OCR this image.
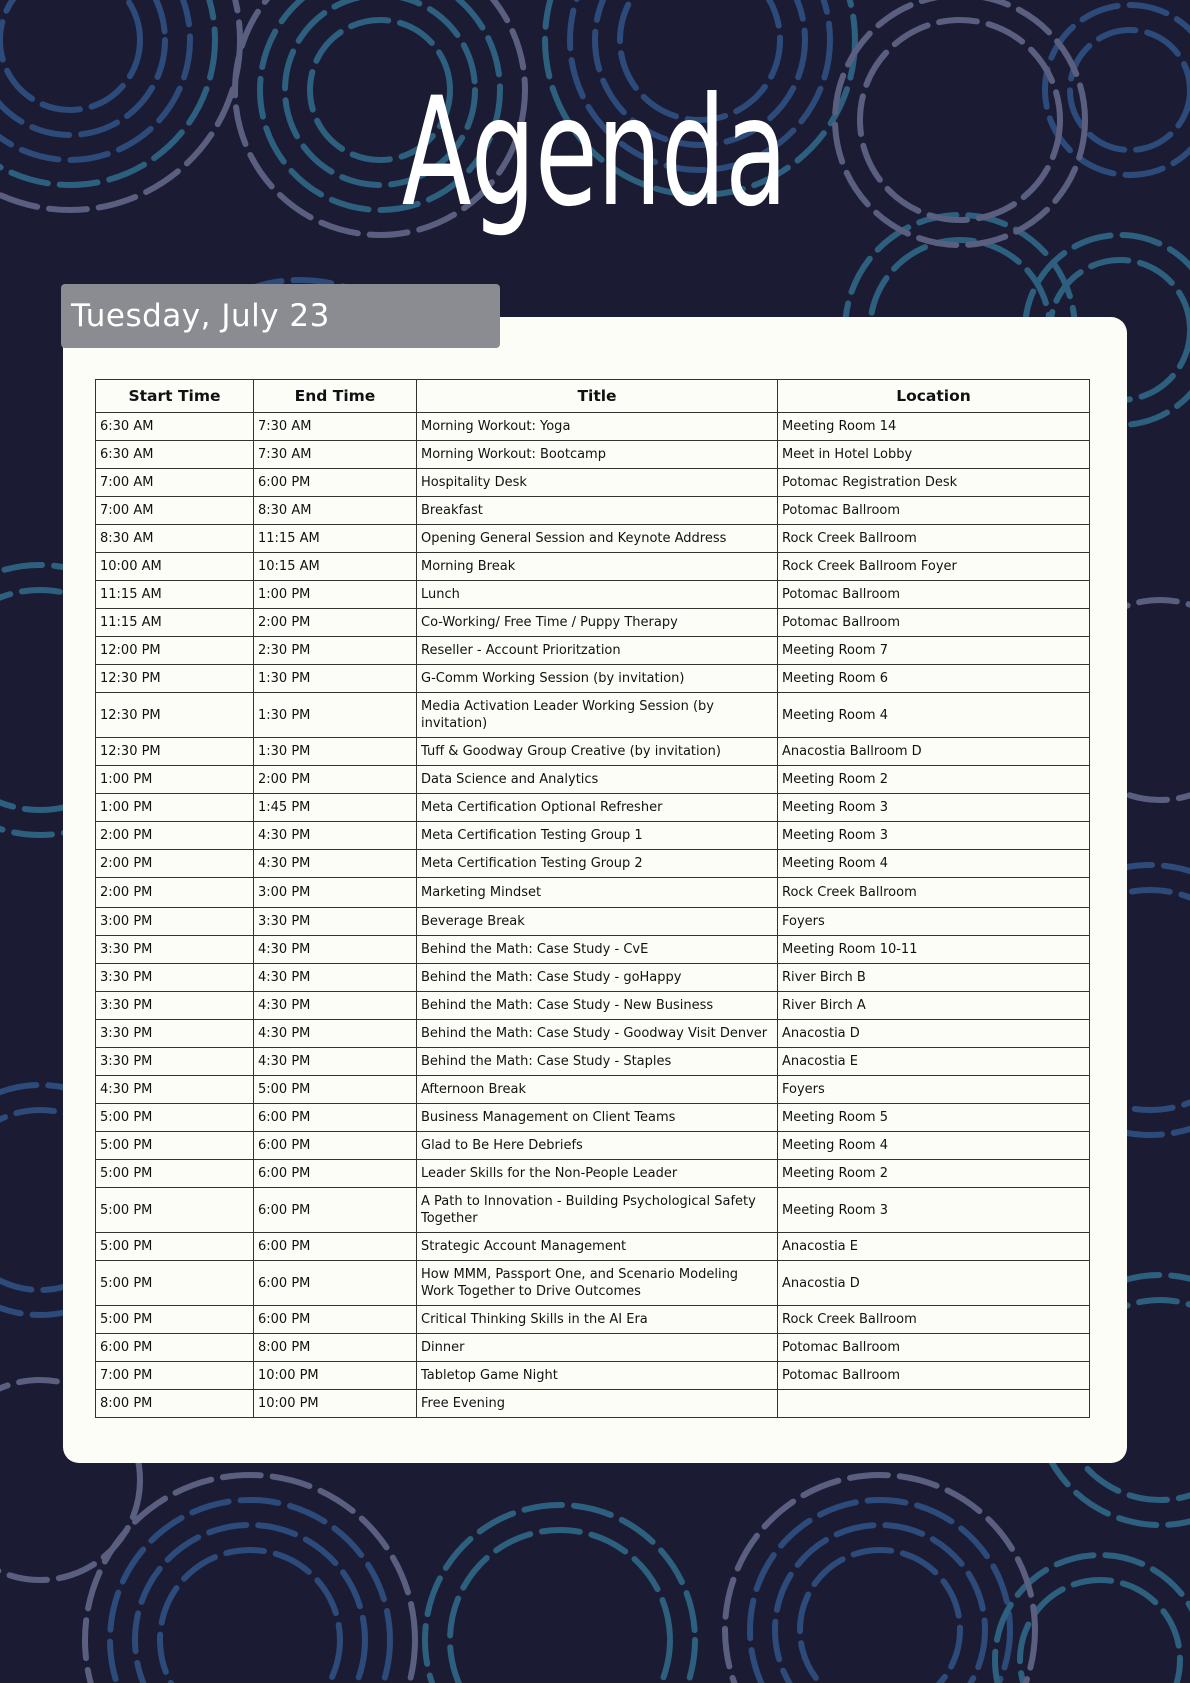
Agenda
Tuesday, July 23
Start Time	End Time	Title	Location
6:30 AM	7:30 AM	Morning Workout: Yoga	Meeting Room 14
6:30 AM	7:30 AM	Morning Workout: Bootcamp	Meet in Hotel Lobby
7:00 AM	6:00 PM	Hospitality Desk	Potomac Registration Desk
7:00 AM	8:30 AM	Breakfast	Potomac Ballroom
8:30 AM	11:15 AM	Opening General Session and Keynote Address	Rock Creek Ballroom
10:00 AM	10:15 AM	Morning Break	Rock Creek Ballroom Foyer
11:15 AM	1:00 PM	Lunch	Potomac Ballroom
11:15 AM	2:00 PM	Co-Working/ Free Time / Puppy Therapy	Potomac Ballroom
12:00 PM	2:30 PM	Reseller - Account Prioritzation	Meeting Room 7
12:30 PM	1:30 PM	G-Comm Working Session (by invitation)	Meeting Room 6
12:30 PM	1:30 PM	Media Activation Leader Working Session (by invitation)	Meeting Room 4
12:30 PM	1:30 PM	Tuff & Goodway Group Creative (by invitation)	Anacostia Ballroom D
1:00 PM	2:00 PM	Data Science and Analytics	Meeting Room 2
1:00 PM	1:45 PM	Meta Certification Optional Refresher	Meeting Room 3
2:00 PM	4:30 PM	Meta Certification Testing Group 1	Meeting Room 3
2:00 PM	4:30 PM	Meta Certification Testing Group 2	Meeting Room 4
2:00 PM	3:00 PM	Marketing Mindset	Rock Creek Ballroom
3:00 PM	3:30 PM	Beverage Break	Foyers
3:30 PM	4:30 PM	Behind the Math: Case Study - CvE	Meeting Room 10-11
3:30 PM	4:30 PM	Behind the Math: Case Study - goHappy	River Birch B
3:30 PM	4:30 PM	Behind the Math: Case Study - New Business	River Birch A
3:30 PM	4:30 PM	Behind the Math: Case Study - Goodway Visit Denver	Anacostia D
3:30 PM	4:30 PM	Behind the Math: Case Study - Staples	Anacostia E
4:30 PM	5:00 PM	Afternoon Break	Foyers
5:00 PM	6:00 PM	Business Management on Client Teams	Meeting Room 5
5:00 PM	6:00 PM	Glad to Be Here Debriefs	Meeting Room 4
5:00 PM	6:00 PM	Leader Skills for the Non-People Leader	Meeting Room 2
5:00 PM	6:00 PM	A Path to Innovation - Building Psychological Safety Together	Meeting Room 3
5:00 PM	6:00 PM	Strategic Account Management	Anacostia E
5:00 PM	6:00 PM	How MMM, Passport One, and Scenario Modeling Work Together to Drive Outcomes	Anacostia D
5:00 PM	6:00 PM	Critical Thinking Skills in the AI Era	Rock Creek Ballroom
6:00 PM	8:00 PM	Dinner	Potomac Ballroom
7:00 PM	10:00 PM	Tabletop Game Night	Potomac Ballroom
8:00 PM	10:00 PM	Free Evening	
